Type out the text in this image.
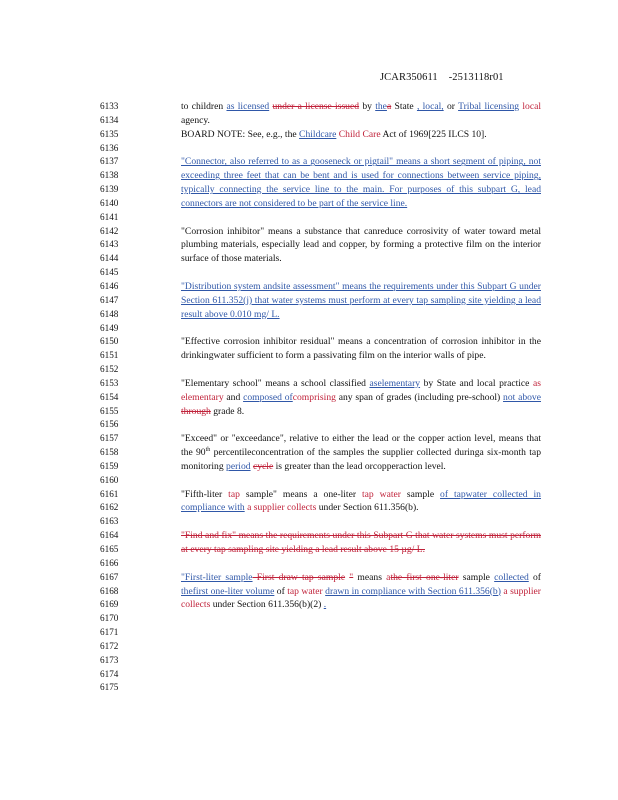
JCAR350611 -2513118r01
6133
6134
6135
6136
6137
6138
6139
6140
6141
6142
6143
6144
6145
6146
6147
6148
6149
6150
6151
6152
6153
6154
6155
6156
6157
6158
6159
6160
6161
6162
6163
6164
6165
6166
6167
6168
6169
6170
6171
6172
6173
6174
6175
to children as licensed under a license issued by thea State , local, or Tribal licensing local agency.
BOARD NOTE: See, e.g., the Childcare Child Care Act of 1969[225 ILCS 10].
"Connector, also referred to as a gooseneck or pigtail" means a short segment of piping, not exceeding three feet that can be bent and is used for connections between service piping, typically connecting the service line to the main. For purposes of this subpart G, lead connectors are not considered to be part of the service line.
"Corrosion inhibitor" means a substance that canreduce corrosivity of water toward metal plumbing materials, especially lead and copper, by forming a protective film on the interior surface of those materials.
"Distribution system andsite assessment" means the requirements under this Subpart G under Section 611.352(j) that water systems must perform at every tap sampling site yielding a lead result above 0.010 mg/ L.
"Effective corrosion inhibitor residual" means a concentration of corrosion inhibitor in the drinkingwater sufficient to form a passivating film on the interior walls of pipe.
"Elementary school" means a school classified aselementary by State and local practice as elementary and composed ofcomprising any span of grades (including pre-school) not above through grade 8.
"Exceed" or "exceedance", relative to either the lead or the copper action level, means that the 90th percentileconcentration of the samples the supplier collected duringa six-month tap monitoring period cycle is greater than the lead orcopperaction level.
"Fifth-liter tap sample" means a one-liter tap water sample of tapwater collected in compliance with a supplier collects under Section 611.356(b).
"Find and fix" means the requirements under this Subpart G that water systems must perform at every tap sampling site yielding a lead result above 15 µg/ L.
"First-liter sample First draw tap sample " means athe first one-liter sample collected of thefirst one-liter volume of tap water drawn in compliance with Section 611.356(b) a supplier collects under Section 611.356(b)(2) .
